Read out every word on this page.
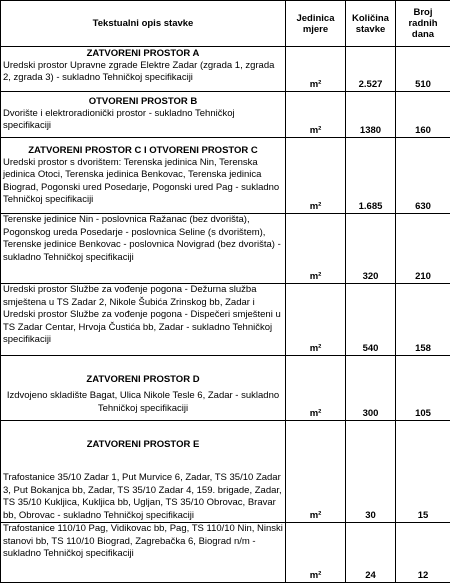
Tekstualni opis stavke	Jedinica mjere	Količina stavke	Broj radnih dana
ZATVORENI PROSTOR A			
Uredski prostor Upravne zgrade Elektre Zadar (zgrada 1, zgrada 2, zgrada 3) - sukladno Tehničkoj specifikaciji	m²	2.527	510
OTVORENI PROSTOR B			
Dvorište i elektroradionički prostor - sukladno Tehničkoj specifikaciji	m²	1380	160
ZATVORENI PROSTOR C I OTVORENI PROSTOR C			
Uredski prostor s dvorištem: Terenska jedinica Nin, Terenska jedinica Otoci, Terenska jedinica Benkovac, Terenska jedinica Biograd, Pogonski ured Posedarje, Pogonski ured Pag - sukladno Tehničkoj specifikaciji	m²	1.685	630
Terenske jedinice Nin - poslovnica Ražanac (bez dvorišta), Pogonskog ureda Posedarje - poslovnica Seline (s dvorištem), Terenske jedinice Benkovac - poslovnica Novigrad (bez dvorišta) - sukladno Tehničkoj specifikaciji	m²	320	210
Uredski prostor Službe za vođenje pogona - Dežurna služba smještena u TS Zadar 2, Nikole Šubića Zrinskog bb, Zadar i Uredski prostor Službe za vođenje pogona - Dispečeri smješteni u TS Zadar Centar, Hrvoja Čustića bb, Zadar - sukladno Tehničkoj specifikaciji	m²	540	158
ZATVORENI PROSTOR D			
Izdvojeno skladište Bagat, Ulica Nikole Tesle 6, Zadar - sukladno Tehničkoj specifikaciji	m²	300	105
ZATVORENI PROSTOR E			
Trafostanice 35/10 Zadar 1, Put Murvice 6, Zadar, TS 35/10 Zadar 3, Put Bokanjca bb, Zadar, TS 35/10 Zadar 4, 159. brigade, Zadar, TS 35/10 Kukljica, Kukljica bb, Ugljan, TS 35/10 Obrovac, Bravar bb, Obrovac - sukladno Tehničkoj specifikaciji	m²	30	15
Trafostanice 110/10 Pag, Vidikovac bb, Pag, TS 110/10 Nin, Ninski stanovi bb, TS 110/10 Biograd, Zagrebačka 6, Biograd n/m - sukladno Tehničkoj specifikaciji	m²	24	12
